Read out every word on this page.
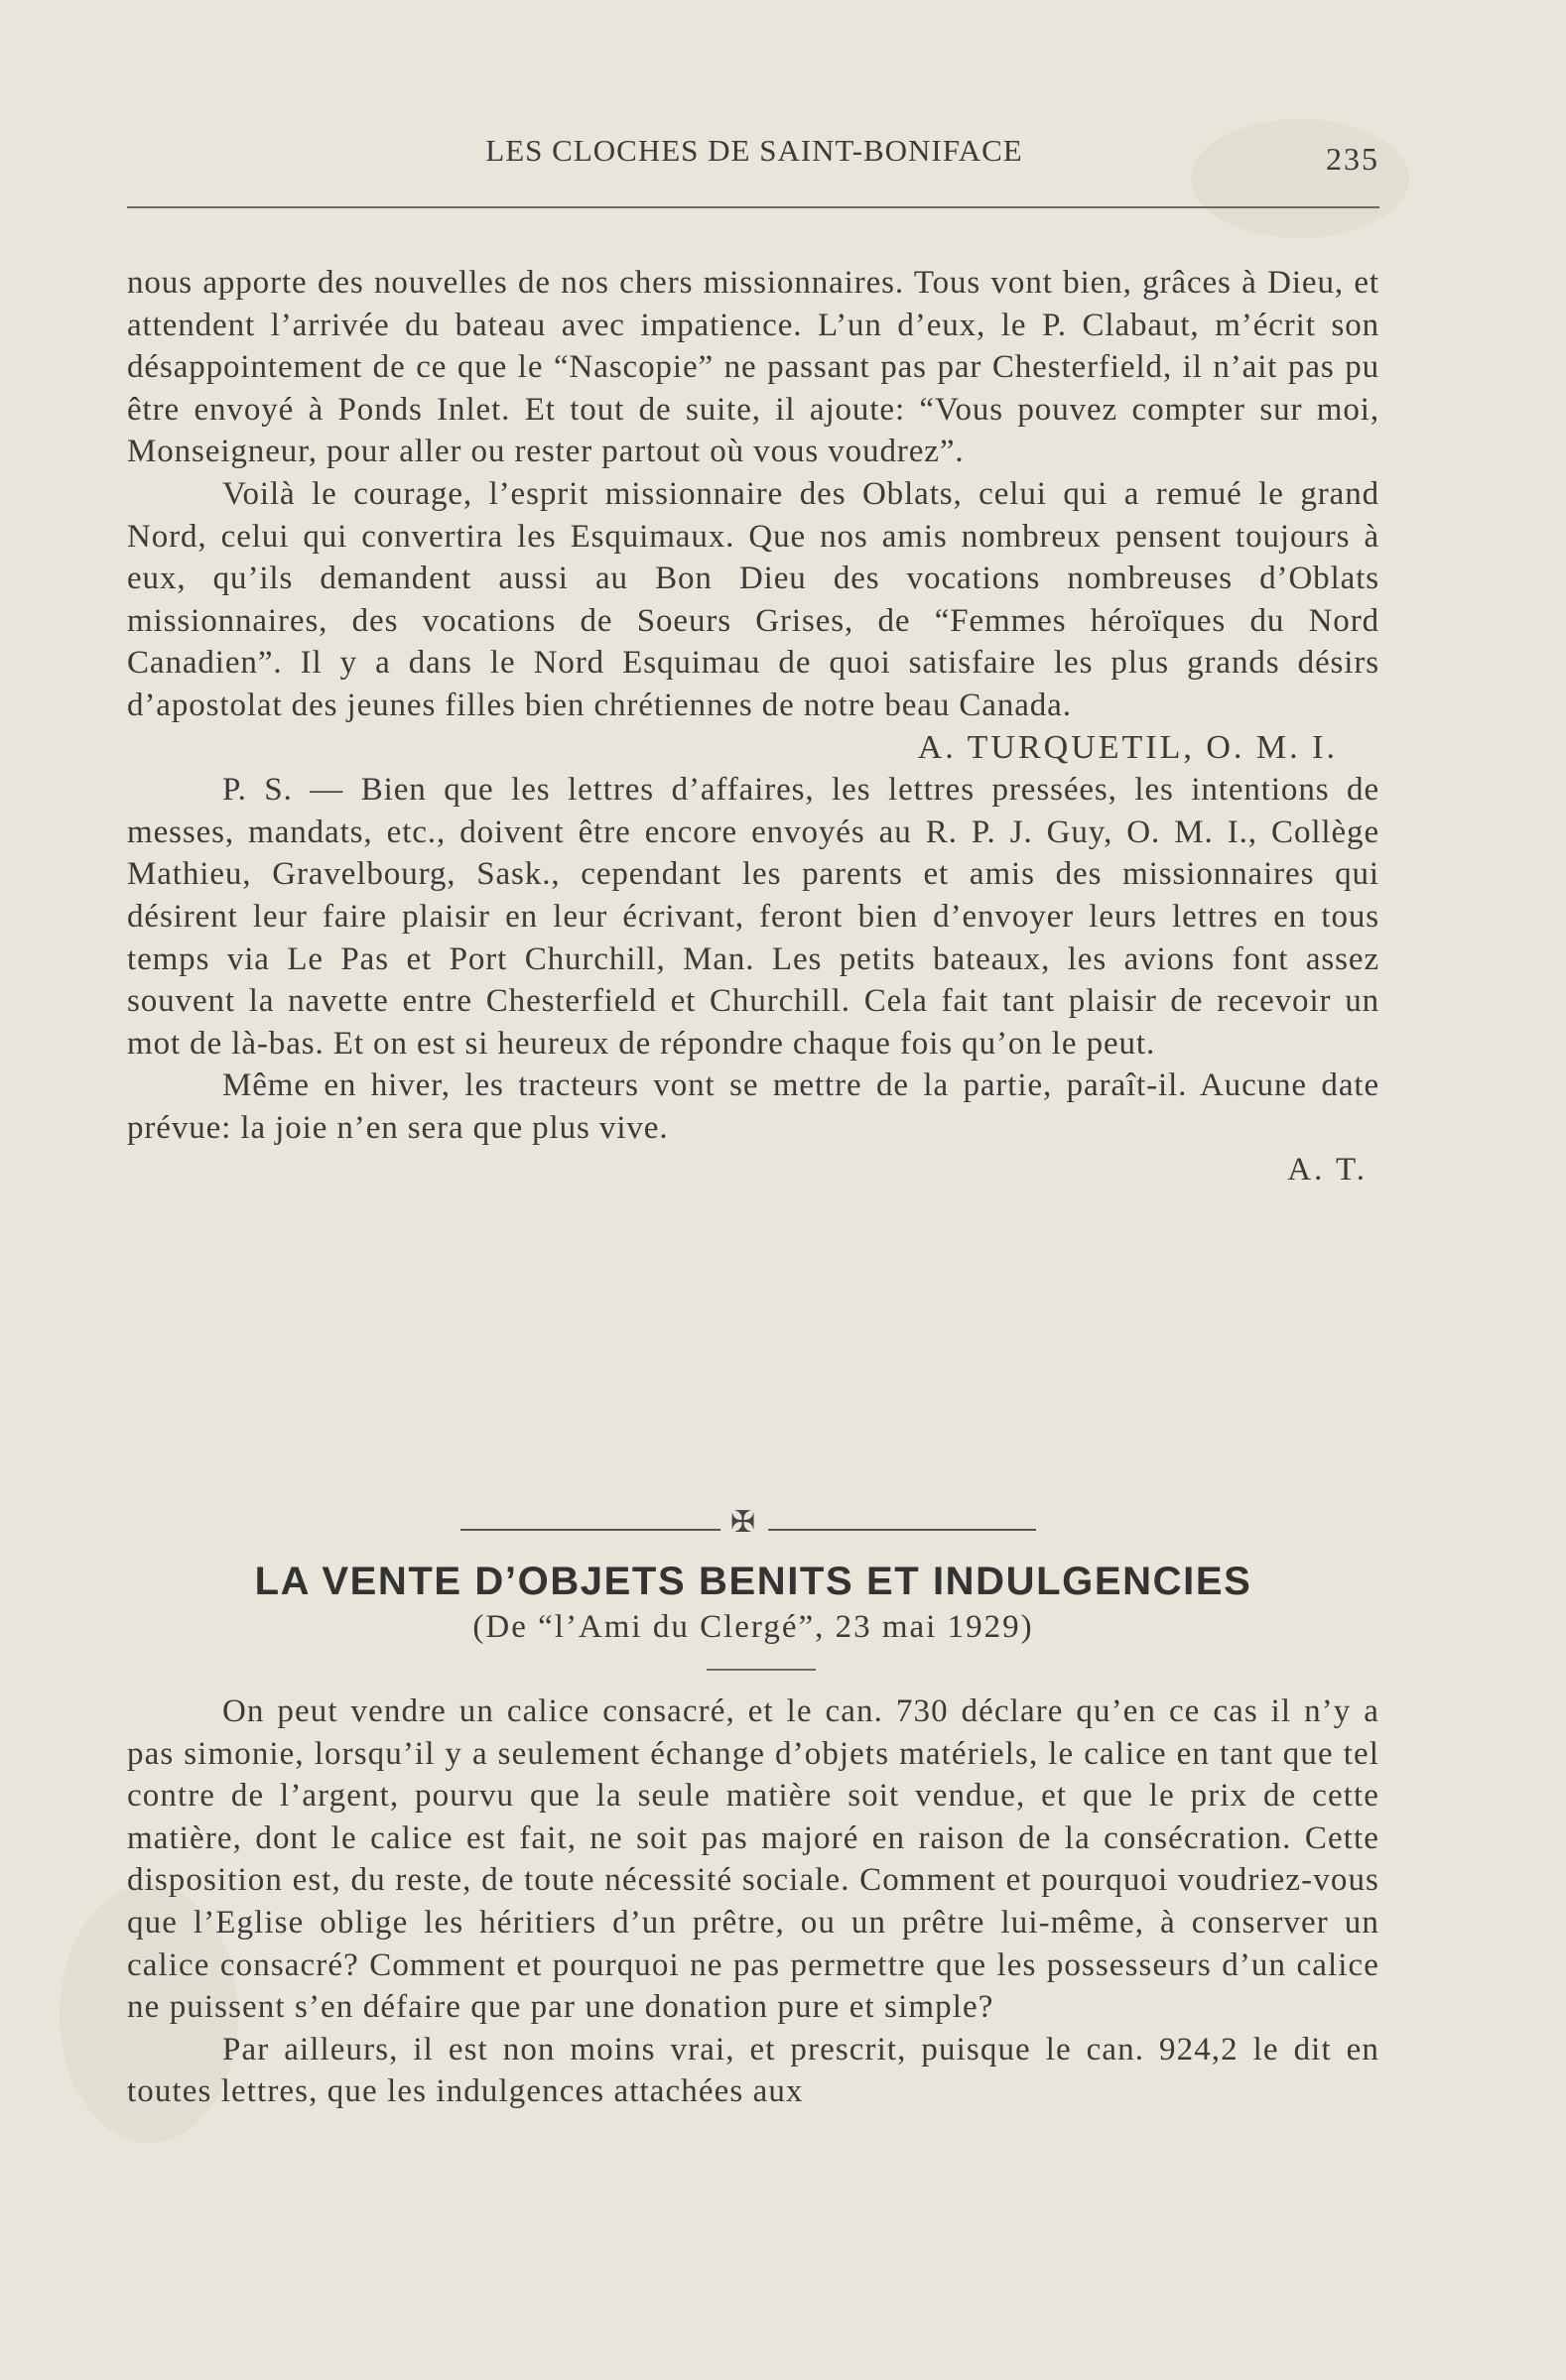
LES CLOCHES DE SAINT-BONIFACE	235

nous apporte des nouvelles de nos chers missionnaires. Tous vont bien, grâces à Dieu, et attendent l’arrivée du bateau avec impatience. L’un d’eux, le P. Clabaut, m’écrit son désappointement de ce que le “Nascopie” ne passant pas par Chesterfield, il n’ait pas pu être envoyé à Ponds Inlet. Et tout de suite, il ajoute: “Vous pouvez compter sur moi, Monseigneur, pour aller ou rester partout où vous voudrez”.

Voilà le courage, l’esprit missionnaire des Oblats, celui qui a remué le grand Nord, celui qui convertira les Esquimaux. Que nos amis nombreux pensent toujours à eux, qu’ils demandent aussi au Bon Dieu des vocations nombreuses d’Oblats missionnaires, des vocations de Soeurs Grises, de “Femmes héroïques du Nord Canadien”. Il y a dans le Nord Esquimau de quoi satisfaire les plus grands désirs d’apostolat des jeunes filles bien chrétiennes de notre beau Canada.

A. TURQUETIL, O. M. I.

P. S. — Bien que les lettres d’affaires, les lettres pressées, les intentions de messes, mandats, etc., doivent être encore envoyés au R. P. J. Guy, O. M. I., Collège Mathieu, Gravelbourg, Sask., cependant les parents et amis des missionnaires qui désirent leur faire plaisir en leur écrivant, feront bien d’envoyer leurs lettres en tous temps via Le Pas et Port Churchill, Man. Les petits bateaux, les avions font assez souvent la navette entre Chesterfield et Churchill. Cela fait tant plaisir de recevoir un mot de là-bas. Et on est si heureux de répondre chaque fois qu’on le peut.

Même en hiver, les tracteurs vont se mettre de la partie, paraît-il. Aucune date prévue: la joie n’en sera que plus vive.

A. T.

✠
LA VENTE D’OBJETS BENITS ET INDULGENCIES
(De “l’Ami du Clergé”, 23 mai 1929)

On peut vendre un calice consacré, et le can. 730 déclare qu’en ce cas il n’y a pas simonie, lorsqu’il y a seulement échange d’objets matériels, le calice en tant que tel contre de l’argent, pourvu que la seule matière soit vendue, et que le prix de cette matière, dont le calice est fait, ne soit pas majoré en raison de la consécration. Cette disposition est, du reste, de toute nécessité sociale. Comment et pourquoi voudriez-vous que l’Eglise oblige les héritiers d’un prêtre, ou un prêtre lui-même, à conserver un calice consacré? Comment et pourquoi ne pas permettre que les possesseurs d’un calice ne puissent s’en défaire que par une donation pure et simple?

Par ailleurs, il est non moins vrai, et prescrit, puisque le can. 924,2 le dit en toutes lettres, que les indulgences attachées aux
